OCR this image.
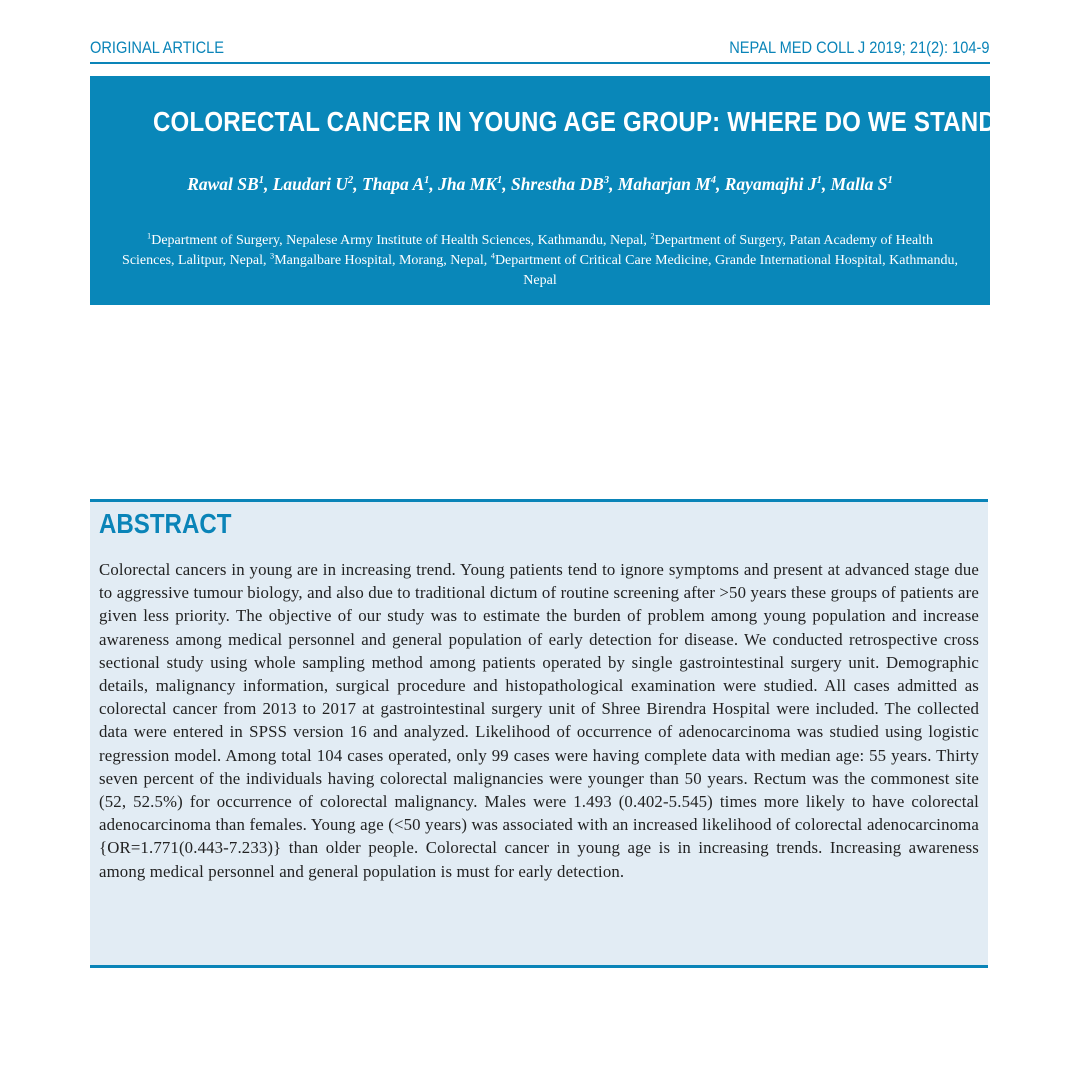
ORIGINAL ARTICLE	NEPAL MED COLL J 2019; 21(2): 104-9
COLORECTAL CANCER IN YOUNG AGE GROUP: WHERE DO WE STAND?
Rawal $SB^1$, Laudari $U^2$, Thapa $A^1$, Jha $MK^1$, Shrestha $DB^3$, Maharjan $M^4$, Rayamajhi $J^1$, Malla $S^1$
$^1$Department of Surgery, Nepalese Army Institute of Health Sciences, Kathmandu, Nepal, $^2$Department of Surgery, Patan Academy of Health Sciences, Lalitpur, Nepal, $^3$Mangalbare Hospital, Morang, Nepal, $^4$Department of Critical Care Medicine, Grande International Hospital, Kathmandu, Nepal
ABSTRACT
Colorectal cancers in young are in increasing trend. Young patients tend to ignore symptoms and present at advanced stage due to aggressive tumour biology, and also due to traditional dictum of routine screening after >50 years these groups of patients are given less priority. The objective of our study was to estimate the burden of problem among young population and increase awareness among medical personnel and general population of early detection for disease. We conducted retrospective cross sectional study using whole sampling method among patients operated by single gastrointestinal surgery unit. Demographic details, malignancy information, surgical procedure and histopathological examination were studied. All cases admitted as colorectal cancer from 2013 to 2017 at gastrointestinal surgery unit of Shree Birendra Hospital were included. The collected data were entered in SPSS version 16 and analyzed. Likelihood of occurrence of adenocarcinoma was studied using logistic regression model. Among total 104 cases operated, only 99 cases were having complete data with median age: 55 years. Thirty seven percent of the individuals having colorectal malignancies were younger than 50 years. Rectum was the commonest site (52, 52.5%) for occurrence of colorectal malignancy. Males were 1.493 (0.402-5.545) times more likely to have colorectal adenocarcinoma than females. Young age (<50 years) was associated with an increased likelihood of colorectal adenocarcinoma {OR=1.771(0.443-7.233)} than older people. Colorectal cancer in young age is in increasing trends. Increasing awareness among medical personnel and general population is must for early detection.
